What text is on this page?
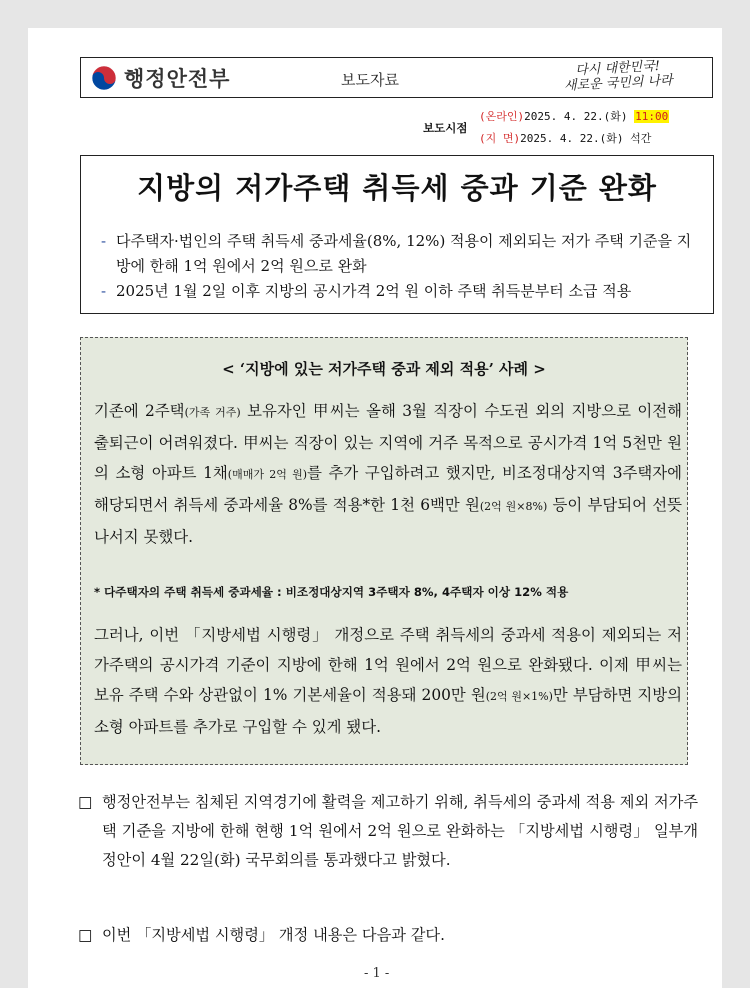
행정안전부	보도자료
다시 대한민국!
새로운 국민의 나라
보도시점
(온라인)2025. 4. 22.(화) 11:00
(지 면)2025. 4. 22.(화) 석간
지방의 저가주택 취득세 중과 기준 완화
- 다주택자·법인의 주택 취득세 중과세율(8%, 12%) 적용이 제외되는 저가 주택 기준을 지방에 한해 1억 원에서 2억 원으로 완화
- 2025년 1월 2일 이후 지방의 공시가격 2억 원 이하 주택 취득분부터 소급 적용
< ‘지방에 있는 저가주택 중과 제외 적용’ 사례 >
기존에 2주택(가족 거주) 보유자인 甲씨는 올해 3월 직장이 수도권 외의 지방으로 이전해 출퇴근이 어려워졌다. 甲씨는 직장이 있는 지역에 거주 목적으로 공시가격 1억 5천만 원의 소형 아파트 1채(매매가 2억 원)를 추가 구입하려고 했지만, 비조정대상지역 3주택자에 해당되면서 취득세 중과세율 8%를 적용*한 1천 6백만 원(2억 원×8%) 등이 부담되어 선뜻 나서지 못했다.
* 다주택자의 주택 취득세 중과세율 : 비조정대상지역 3주택자 8%, 4주택자 이상 12% 적용
그러나, 이번 「지방세법 시행령」 개정으로 주택 취득세의 중과세 적용이 제외되는 저가주택의 공시가격 기준이 지방에 한해 1억 원에서 2억 원으로 완화됐다. 이제 甲씨는 보유 주택 수와 상관없이 1% 기본세율이 적용돼 200만 원(2억 원×1%)만 부담하면 지방의 소형 아파트를 추가로 구입할 수 있게 됐다.
□ 행정안전부는 침체된 지역경기에 활력을 제고하기 위해, 취득세의 중과세 적용 제외 저가주택 기준을 지방에 한해 현행 1억 원에서 2억 원으로 완화하는 「지방세법 시행령」 일부개정안이 4월 22일(화) 국무회의를 통과했다고 밝혔다.
□ 이번 「지방세법 시행령」 개정 내용은 다음과 같다.
- 1 -
